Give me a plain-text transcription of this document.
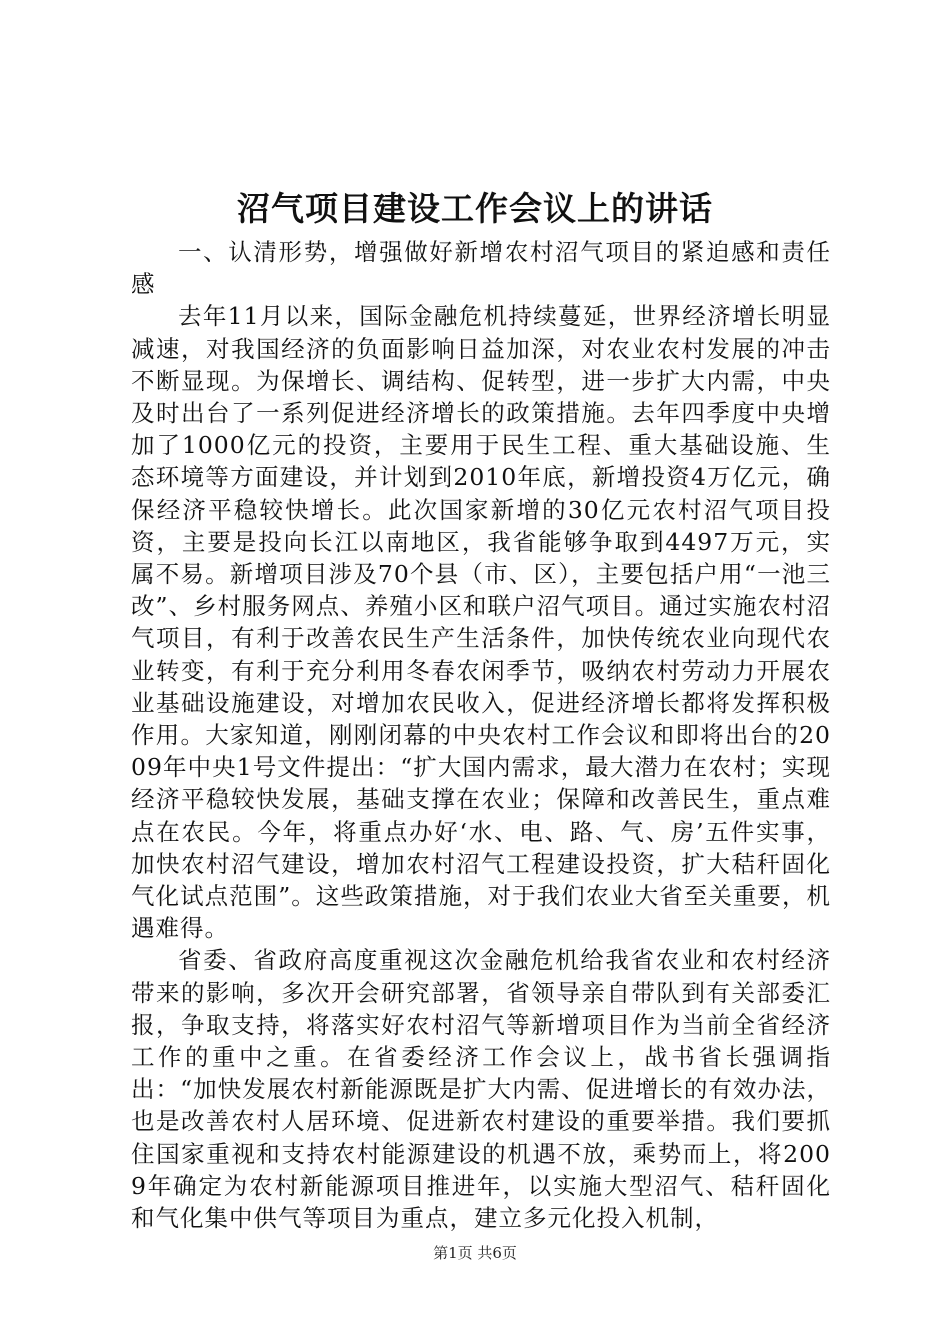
沼气项目建设工作会议上的讲话

一、认清形势，增强做好新增农村沼气项目的紧迫感和责任感

去年11月以来，国际金融危机持续蔓延，世界经济增长明显减速，对我国经济的负面影响日益加深，对农业农村发展的冲击不断显现。为保增长、调结构、促转型，进一步扩大内需，中央及时出台了一系列促进经济增长的政策措施。去年四季度中央增加了1000亿元的投资，主要用于民生工程、重大基础设施、生态环境等方面建设，并计划到2010年底，新增投资4万亿元，确保经济平稳较快增长。此次国家新增的30亿元农村沼气项目投资，主要是投向长江以南地区，我省能够争取到4497万元，实属不易。新增项目涉及70个县（市、区），主要包括户用“一池三改”、乡村服务网点、养殖小区和联户沼气项目。通过实施农村沼气项目，有利于改善农民生产生活条件，加快传统农业向现代农业转变，有利于充分利用冬春农闲季节，吸纳农村劳动力开展农业基础设施建设，对增加农民收入，促进经济增长都将发挥积极作用。大家知道，刚刚闭幕的中央农村工作会议和即将出台的2009年中央1号文件提出：“扩大国内需求，最大潜力在农村；实现经济平稳较快发展，基础支撑在农业；保障和改善民生，重点难点在农民。今年，将重点办好‘水、电、路、气、房’五件实事，加快农村沼气建设，增加农村沼气工程建设投资，扩大秸秆固化气化试点范围”。这些政策措施，对于我们农业大省至关重要，机遇难得。

省委、省政府高度重视这次金融危机给我省农业和农村经济带来的影响，多次开会研究部署，省领导亲自带队到有关部委汇报，争取支持，将落实好农村沼气等新增项目作为当前全省经济工作的重中之重。在省委经济工作会议上，战书省长强调指出：“加快发展农村新能源既是扩大内需、促进增长的有效办法，也是改善农村人居环境、促进新农村建设的重要举措。我们要抓住国家重视和支持农村能源建设的机遇不放，乘势而上，将2009年确定为农村新能源项目推进年，以实施大型沼气、秸秆固化和气化集中供气等项目为重点，建立多元化投入机制，

第1页 共6页
